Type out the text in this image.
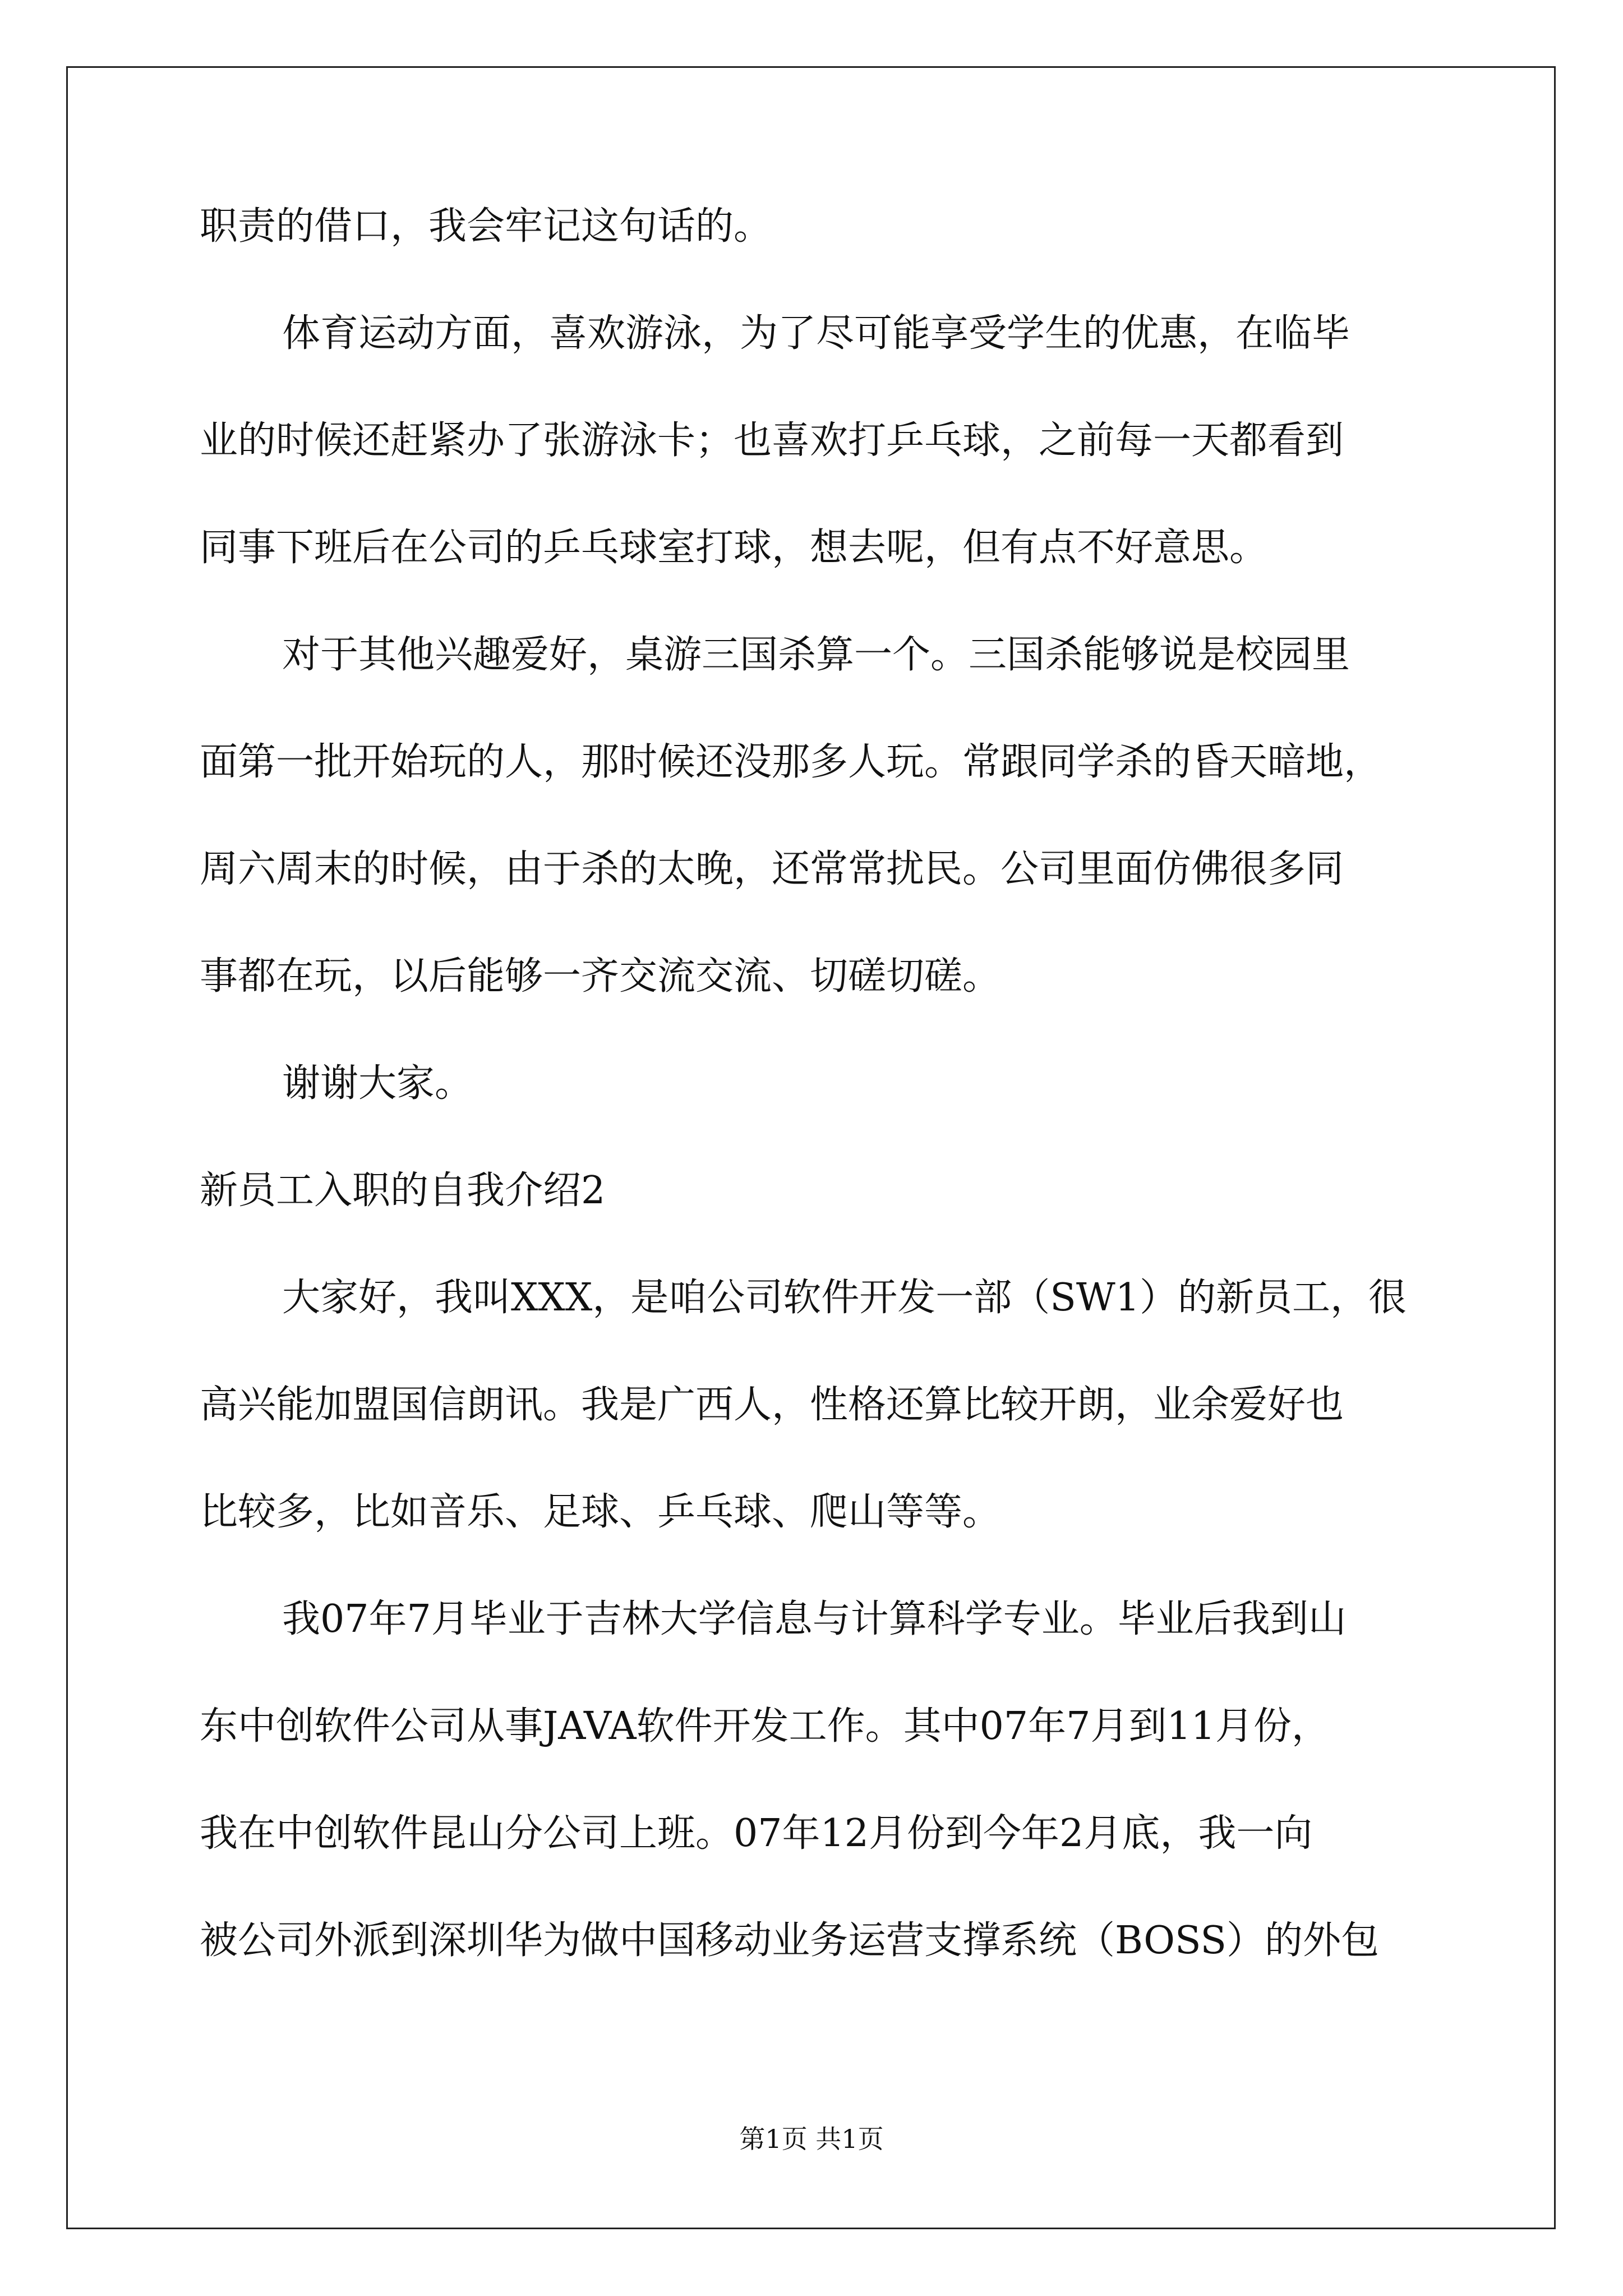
职责的借口，我会牢记这句话的。
体育运动方面，喜欢游泳，为了尽可能享受学生的优惠，在临毕
业的时候还赶紧办了张游泳卡；也喜欢打乒乓球，之前每一天都看到
同事下班后在公司的乒乓球室打球，想去呢，但有点不好意思。
对于其他兴趣爱好，桌游三国杀算一个。三国杀能够说是校园里
面第一批开始玩的人，那时候还没那多人玩。常跟同学杀的昏天暗地，
周六周末的时候，由于杀的太晚，还常常扰民。公司里面仿佛很多同
事都在玩，以后能够一齐交流交流、切磋切磋。
谢谢大家。
新员工入职的自我介绍2
大家好，我叫XXX，是咱公司软件开发一部（SW1）的新员工，很
高兴能加盟国信朗讯。我是广西人，性格还算比较开朗，业余爱好也
比较多，比如音乐、足球、乒乓球、爬山等等。
我07年7月毕业于吉林大学信息与计算科学专业。毕业后我到山
东中创软件公司从事JAVA软件开发工作。其中07年7月到11月份，
我在中创软件昆山分公司上班。07年12月份到今年2月底，我一向
被公司外派到深圳华为做中国移动业务运营支撑系统（BOSS）的外包
第1页 共1页
